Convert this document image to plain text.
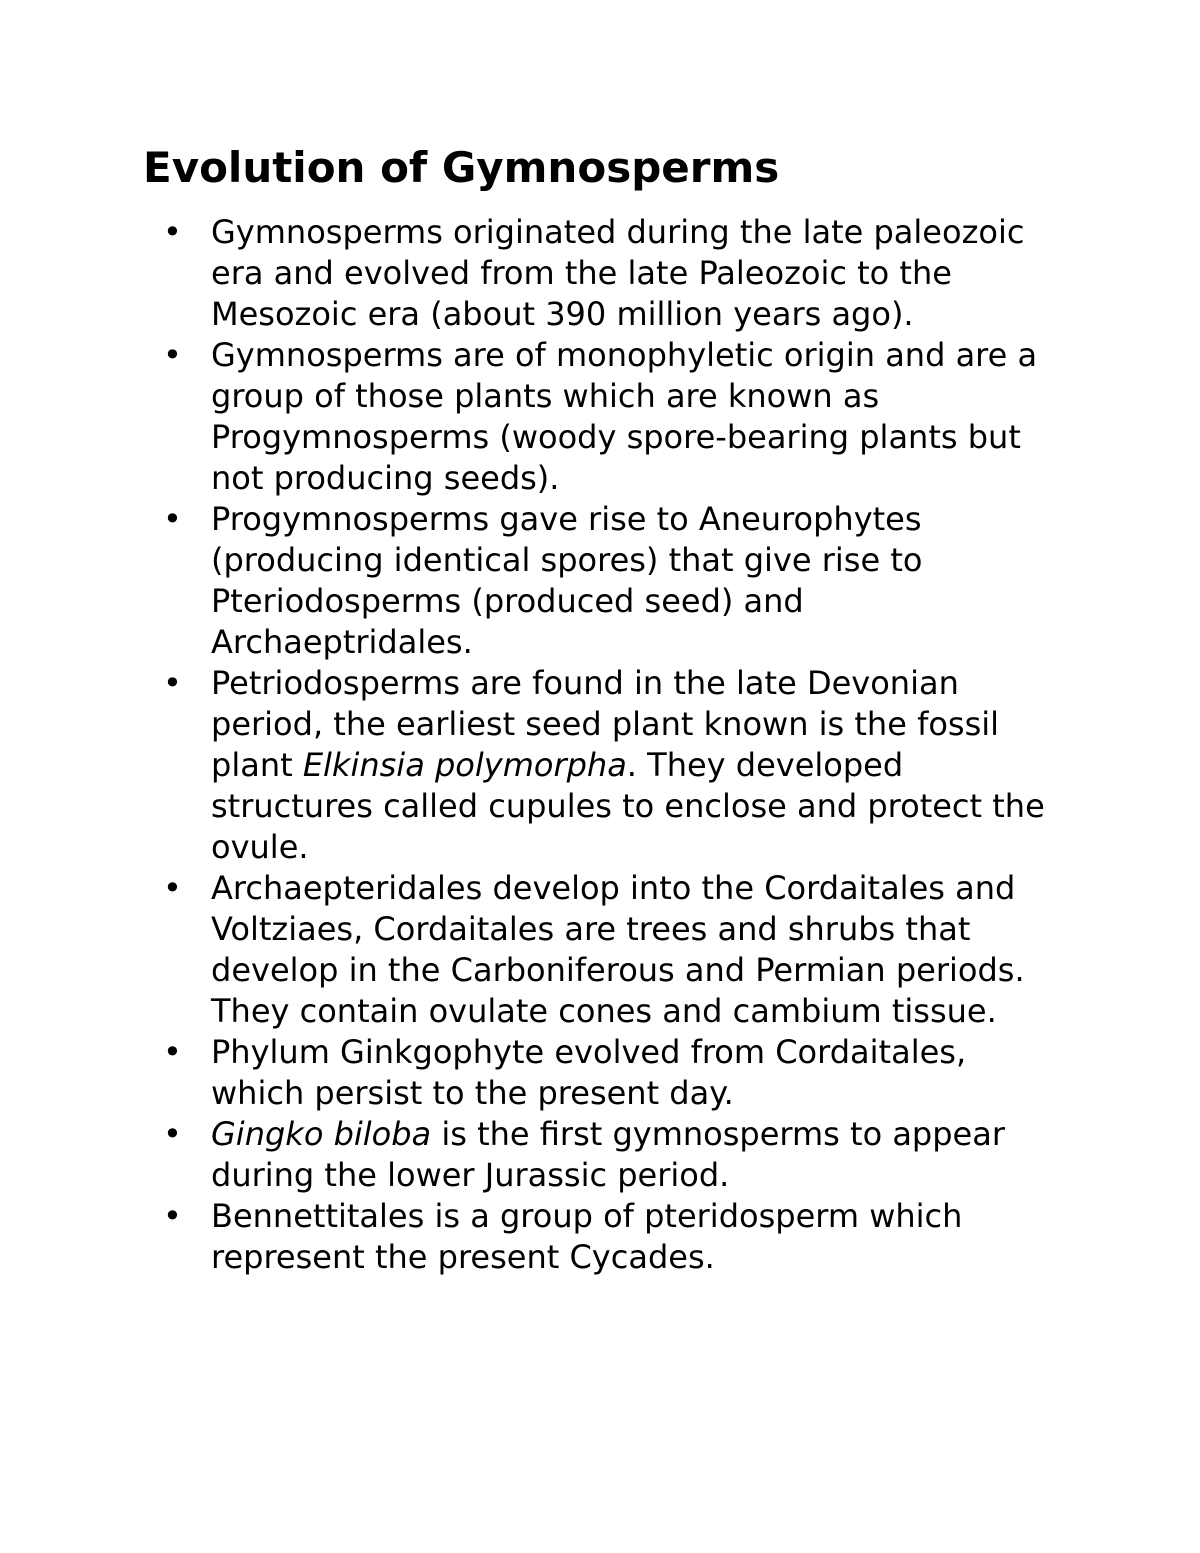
Evolution of Gymnosperms
• Gymnosperms originated during the late paleozoic era and evolved from the late Paleozoic to the Mesozoic era (about 390 million years ago).
• Gymnosperms are of monophyletic origin and are a group of those plants which are known as Progymnosperms (woody spore-bearing plants but not producing seeds).
• Progymnosperms gave rise to Aneurophytes (producing identical spores) that give rise to Pteriodosperms (produced seed) and Archaeptridales.
• Petriodosperms are found in the late Devonian period, the earliest seed plant known is the fossil plant Elkinsia polymorpha. They developed structures called cupules to enclose and protect the ovule.
• Archaepteridales develop into the Cordaitales and Voltziaes, Cordaitales are trees and shrubs that develop in the Carboniferous and Permian periods. They contain ovulate cones and cambium tissue.
• Phylum Ginkgophyte evolved from Cordaitales, which persist to the present day.
• Gingko biloba is the first gymnosperms to appear during the lower Jurassic period.
• Bennettitales is a group of pteridosperm which represent the present Cycades.
